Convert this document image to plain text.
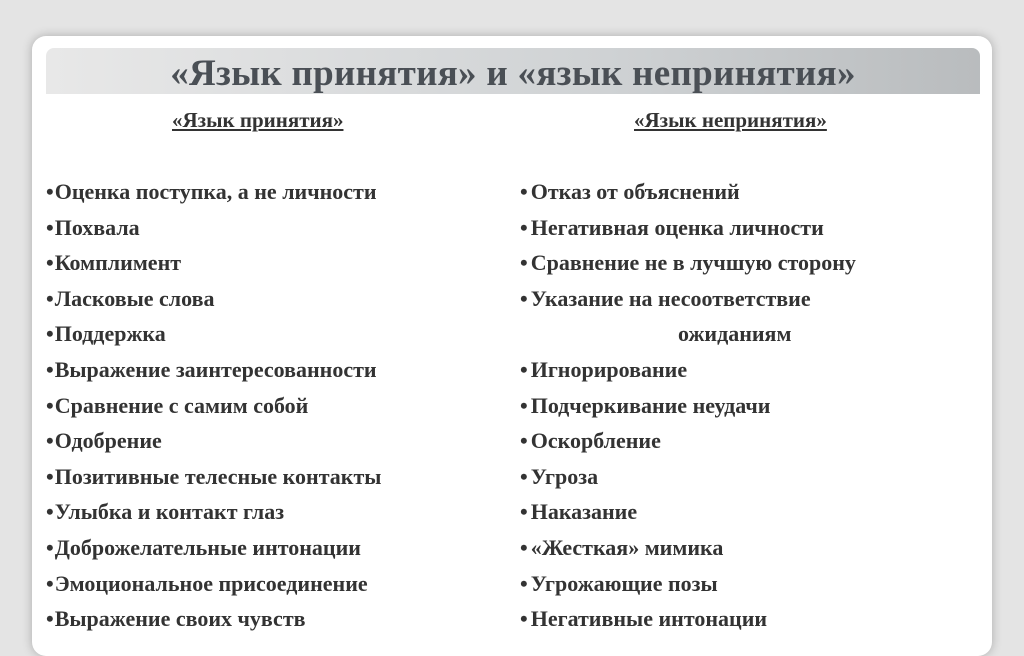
«Язык принятия» и «язык непринятия»
«Язык принятия»	«Язык непринятия»
•Оценка поступка, а не личности
•Похвала
•Комплимент
•Ласковые слова
•Поддержка
•Выражение заинтересованности
•Сравнение с самим собой
•Одобрение
•Позитивные телесные контакты
•Улыбка и контакт глаз
•Доброжелательные интонации
•Эмоциональное присоединение
•Выражение своих чувств
• Отказ от объяснений
• Негативная оценка личности
• Сравнение не в лучшую сторону
• Указание на несоответствие
ожиданиям
• Игнорирование
• Подчеркивание неудачи
• Оскорбление
• Угроза
• Наказание
• «Жесткая» мимика
• Угрожающие позы
• Негативные интонации
